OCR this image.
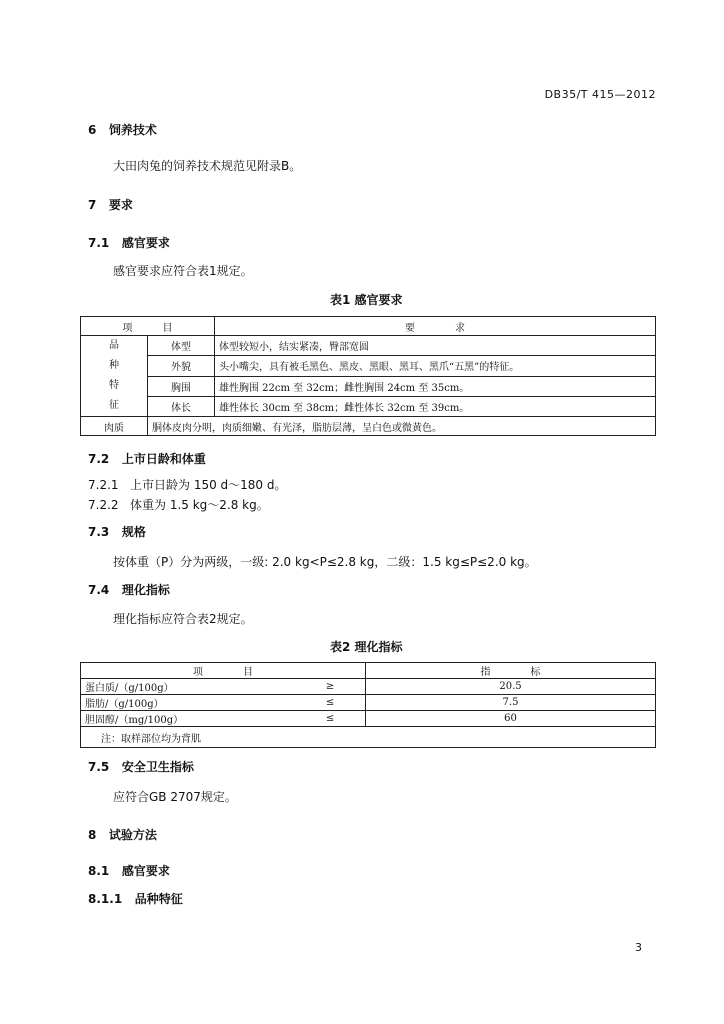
DB35/T 415—2012
6 饲养技术
大田肉兔的饲养技术规范见附录B。
7 要求
7.1 感官要求
感官要求应符合表1规定。
表1 感官要求
项　　　目		要　　　　求

品
种
特
征	体型	体型较短小，结实紧凑，臀部宽圆
	外貌	头小嘴尖，具有被毛黑色、黑皮、黑眼、黑耳、黑爪“五黑”的特征。
	胸围	雄性胸围 22cm 至 32cm；雌性胸围 24cm 至 35cm。
	体长	雄性体长 30cm 至 38cm；雌性体长 32cm 至 39cm。
肉质	胴体皮肉分明，肉质细嫩、有光泽，脂肪层薄，呈白色或微黄色。	
7.2 上市日龄和体重
7.2.1 上市日龄为 150 d～180 d。
7.2.2 体重为 1.5 kg～2.8 kg。
7.3 规格
按体重（P）分为两级，一级: 2.0 kg<P≤2.8 kg，二级：1.5 kg≤P≤2.0 kg。
7.4 理化指标
理化指标应符合表2规定。
表2 理化指标
项　　　　目		指　　　　标
蛋白质/（g/100g）	≥	20.5
脂肪/（g/100g）	≤	7.5
胆固醇/（mg/100g）	≤	60
注：取样部位均为背肌		
7.5 安全卫生指标
应符合GB 2707规定。
8 试验方法
8.1 感官要求
8.1.1 品种特征
3
